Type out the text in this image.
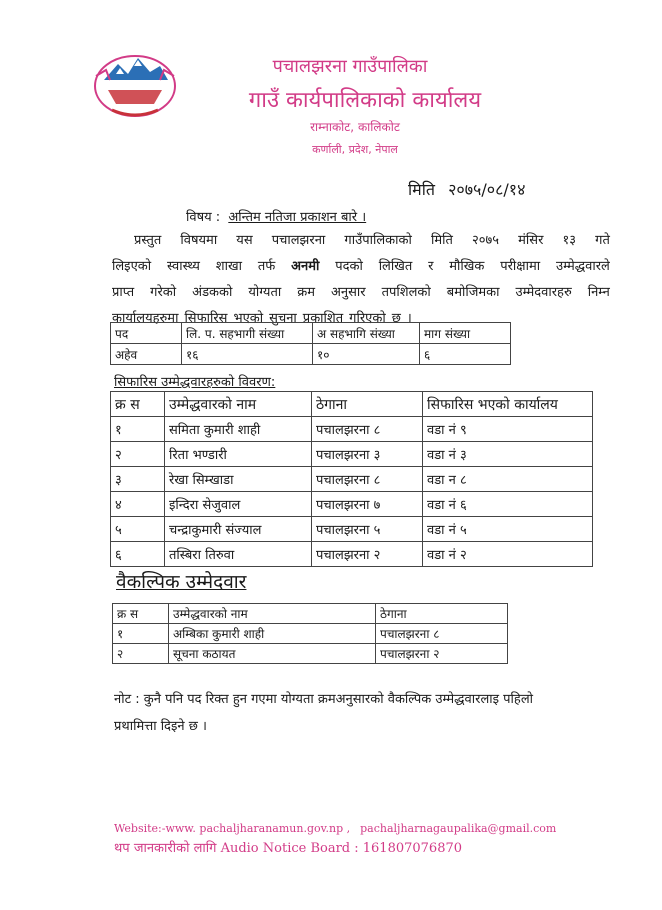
पचालझरना गाउँपालिका
गाउँ कार्यपालिकाको कार्यालय
राम्नाकोट, कालिकोट
कर्णाली, प्रदेश, नेपाल
मिति २०७५/०८/१४
विषय : अन्तिम नतिजा प्रकाशन बारे ।
प्रस्तुत विषयमा यस पचालझरना गाउँपालिकाको मिति २०७५ मंसिर १३ गते
लिइएको स्वास्थ्य शाखा तर्फ अनमी पदको लिखित र मौखिक परीक्षामा उम्मेद्धवारले
प्राप्त गरेको अंडकको योग्यता क्रम अनुसार तपशिलको बमोजिमका उम्मेदवारहरु निम्न
कार्यालयहरुमा सिफारिस भएको सुचना प्रकाशित गरिएको छ ।
पद	लि. प. सहभागी संख्या	अ सहभागि संख्या	माग संख्या
अहेव	१६	१०	६
सिफारिस उम्मेद्धवारहरुको विवरण:
क्र स	उम्मेद्धवारको नाम	ठेगाना	सिफारिस भएको कार्यालय
१	समिता कुमारी शाही	पचालझरना ८	वडा नं ९
२	रिता भण्डारी	पचालझरना ३	वडा नं ३
३	रेखा सिम्खाडा	पचालझरना ८	वडा न ८
४	इन्दिरा सेजुवाल	पचालझरना ७	वडा नं ६
५	चन्द्राकुमारी संज्याल	पचालझरना ५	वडा नं ५
६	तस्बिरा तिरुवा	पचालझरना २	वडा नं २
वैकल्पिक उम्मेदवार
क्र स	उम्मेद्धवारको नाम	ठेगाना
१	अम्बिका कुमारी शाही	पचालझरना ८
२	सूचना कठायत	पचालझरना २
नोट : कुनै पनि पद रिक्त हुन गएमा योग्यता क्रमअनुसारको वैकल्पिक उम्मेद्धवारलाइ पहिलो प्रथामित्ता दिइने छ ।
Website:-www. pachaljharanamun.gov.np , pachaljharnagaupalika@gmail.com
थप जानकारीको लागि Audio Notice Board : 161807076870
